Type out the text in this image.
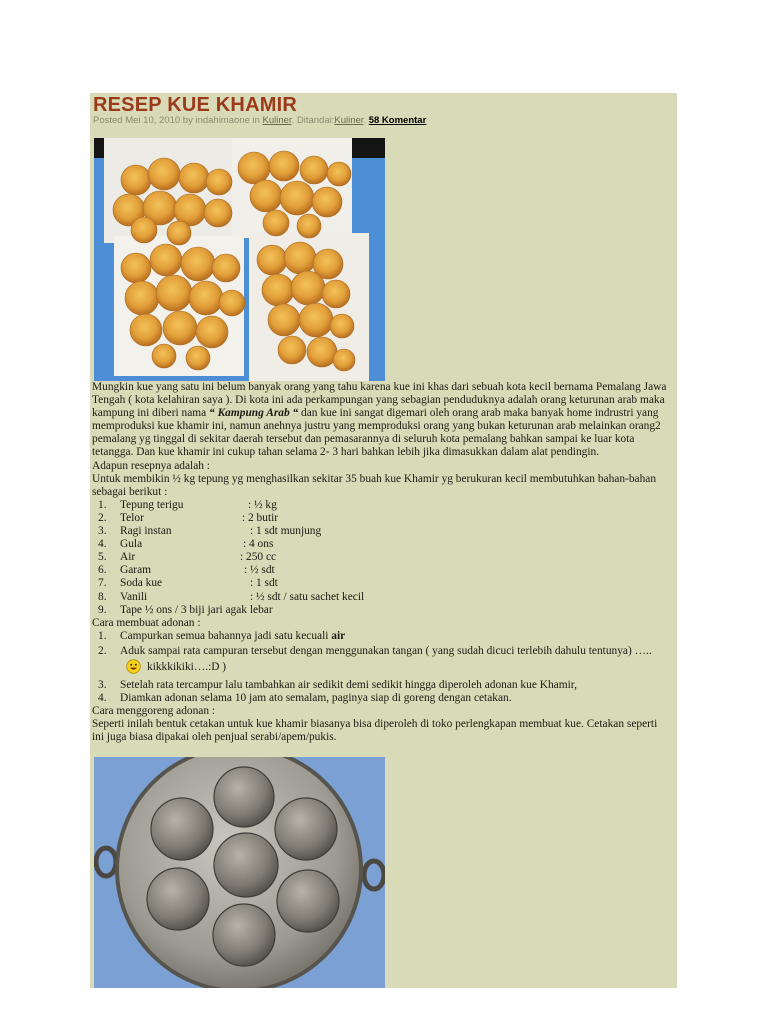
RESEP KUE KHAMIR
Posted Mei 10, 2010 by indahimaone in Kuliner. Ditandai:Kuliner. 58 Komentar

Mungkin kue yang satu ini belum banyak orang yang tahu karena kue ini khas dari sebuah kota kecil bernama Pemalang Jawa Tengah ( kota kelahiran saya ). Di kota ini ada perkampungan yang sebagian penduduknya adalah orang keturunan arab maka kampung ini diberi nama “ Kampung Arab “ dan kue ini sangat digemari oleh orang arab maka banyak home indrustri yang memproduksi kue khamir ini, namun anehnya justru yang memproduksi orang yang bukan keturunan arab melainkan orang2 pemalang yg tinggal di sekitar daerah tersebut dan pemasarannya di seluruh kota pemalang bahkan sampai ke luar kota tetangga. Dan kue khamir ini cukup tahan selama 2- 3 hari bahkan lebih jika dimasukkan dalam alat pendingin.

Adapun resepnya adalah :

Untuk membikin ½ kg tepung yg menghasilkan sekitar 35 buah kue Khamir yg berukuran kecil membutuhkan bahan-bahan sebagai berikut :

1. Tepung terigu	: ½ kg
2. Telor	: 2 butir
3. Ragi instan	: 1 sdt munjung
4. Gula	: 4 ons
5. Air	: 250 cc
6. Garam	: ½ sdt
7. Soda kue	: 1 sdt
8. Vanili	: ½ sdt / satu sachet kecil
9. Tape ½ ons / 3 biji jari agak lebar

Cara membuat adonan :

1. Campurkan semua bahannya jadi satu kecuali air
2. Aduk sampai rata campuran tersebut dengan menggunakan tangan ( yang sudah dicuci terlebih dahulu tentunya) …..kikkkikiki….:D )
3. Setelah rata tercampur lalu tambahkan air sedikit demi sedikit hingga diperoleh adonan kue Khamir,
4. Diamkan adonan selama 10 jam ato semalam, paginya siap di goreng dengan cetakan.

Cara menggoreng adonan :

Seperti inilah bentuk cetakan untuk kue khamir biasanya bisa diperoleh di toko perlengkapan membuat kue. Cetakan seperti ini juga biasa dipakai oleh penjual serabi/apem/pukis.
